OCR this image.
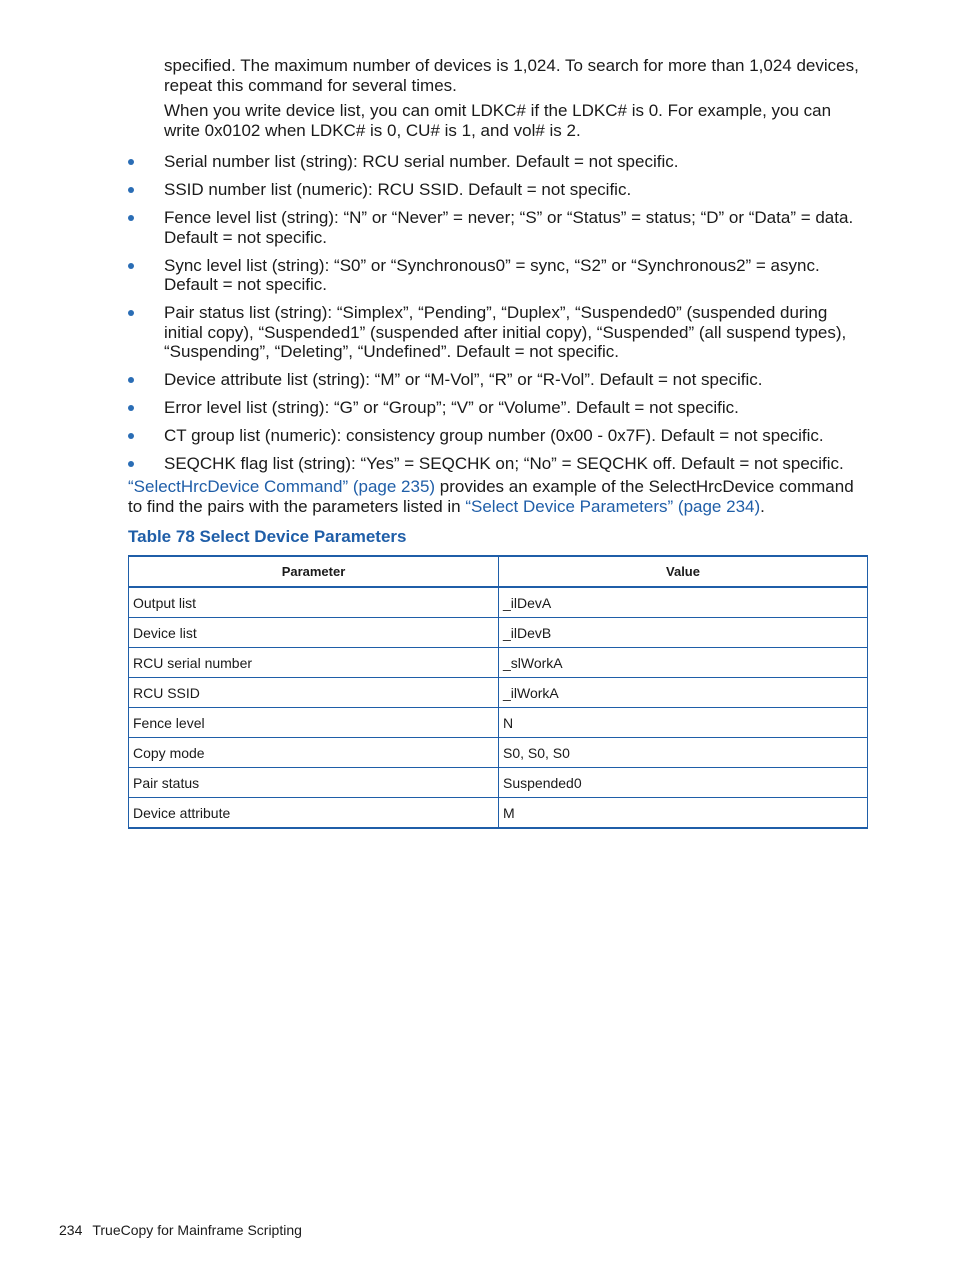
specified. The maximum number of devices is 1,024. To search for more than 1,024 devices, repeat this command for several times.

When you write device list, you can omit LDKC# if the LDKC# is 0. For example, you can write 0x0102 when LDKC# is 0, CU# is 1, and vol# is 2.

Serial number list (string): RCU serial number. Default = not specific.
SSID number list (numeric): RCU SSID. Default = not specific.
Fence level list (string): “N” or “Never” = never; “S” or “Status” = status; “D” or “Data” = data. Default = not specific.
Sync level list (string): “S0” or “Synchronous0” = sync, “S2” or “Synchronous2” = async. Default = not specific.
Pair status list (string): “Simplex”, “Pending”, “Duplex”, “Suspended0” (suspended during initial copy), “Suspended1” (suspended after initial copy), “Suspended” (all suspend types), “Suspending”, “Deleting”, “Undefined”. Default = not specific.
Device attribute list (string): “M” or “M-Vol”, “R” or “R-Vol”. Default = not specific.
Error level list (string): “G” or “Group”; “V” or “Volume”. Default = not specific.
CT group list (numeric): consistency group number (0x00 - 0x7F). Default = not specific.
SEQCHK flag list (string): “Yes” = SEQCHK on; “No” = SEQCHK off. Default = not specific.

“SelectHrcDevice Command” (page 235) provides an example of the SelectHrcDevice command to find the pairs with the parameters listed in “Select Device Parameters” (page 234).

Table 78 Select Device Parameters

Parameter	Value
Output list	_ilDevA
Device list	_ilDevB
RCU serial number	_slWorkA
RCU SSID	_ilWorkA
Fence level	N
Copy mode	S0, S0, S0
Pair status	Suspended0
Device attribute	M

234 TrueCopy for Mainframe Scripting
